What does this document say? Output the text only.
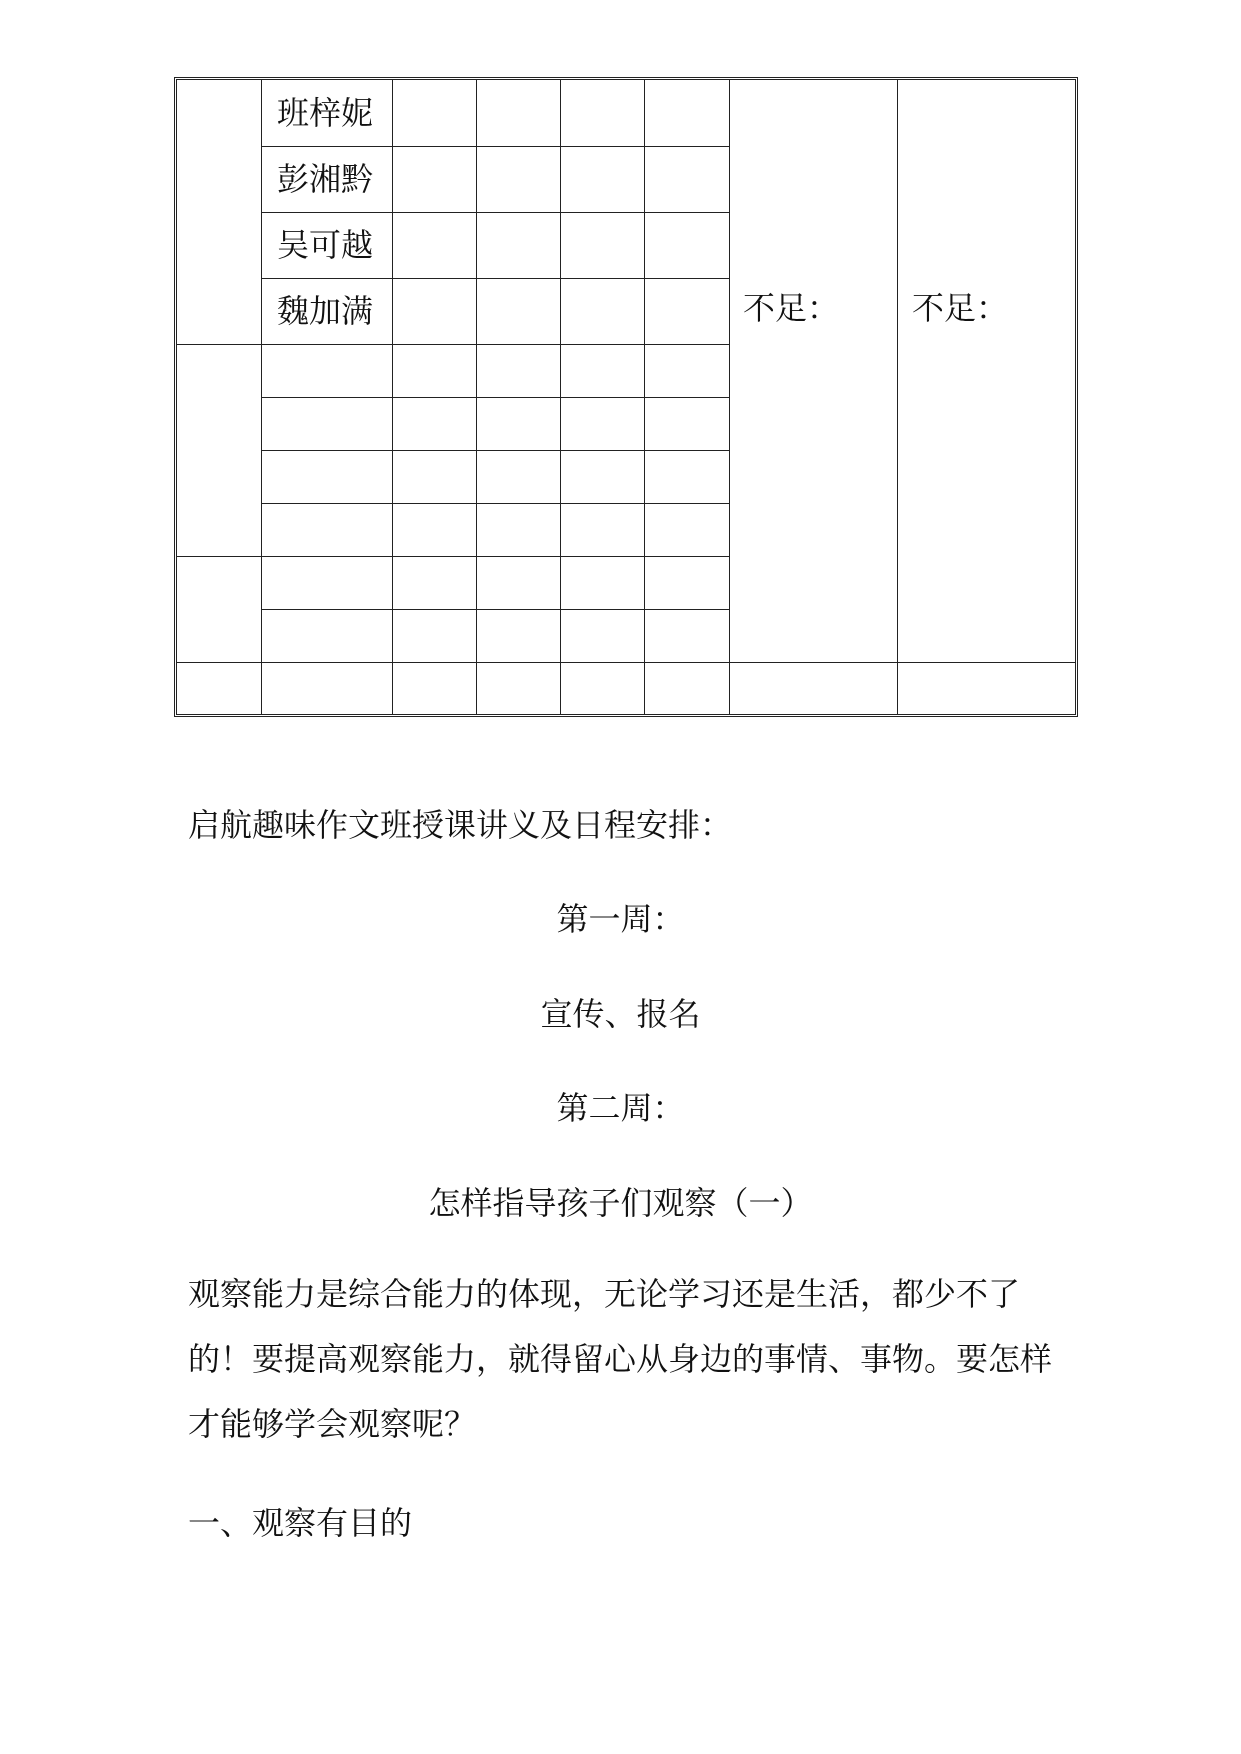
班梓妮
彭湘黔
吴可越
魏加满	不足： 不足：
启航趣味作文班授课讲义及日程安排：
第一周：
宣传、报名
第二周：
怎样指导孩子们观察（一）
观察能力是综合能力的体现，无论学习还是生活，都少不了的！要提高观察能力，就得留心从身边的事情、事物。要怎样才能够学会观察呢？
一、观察有目的
